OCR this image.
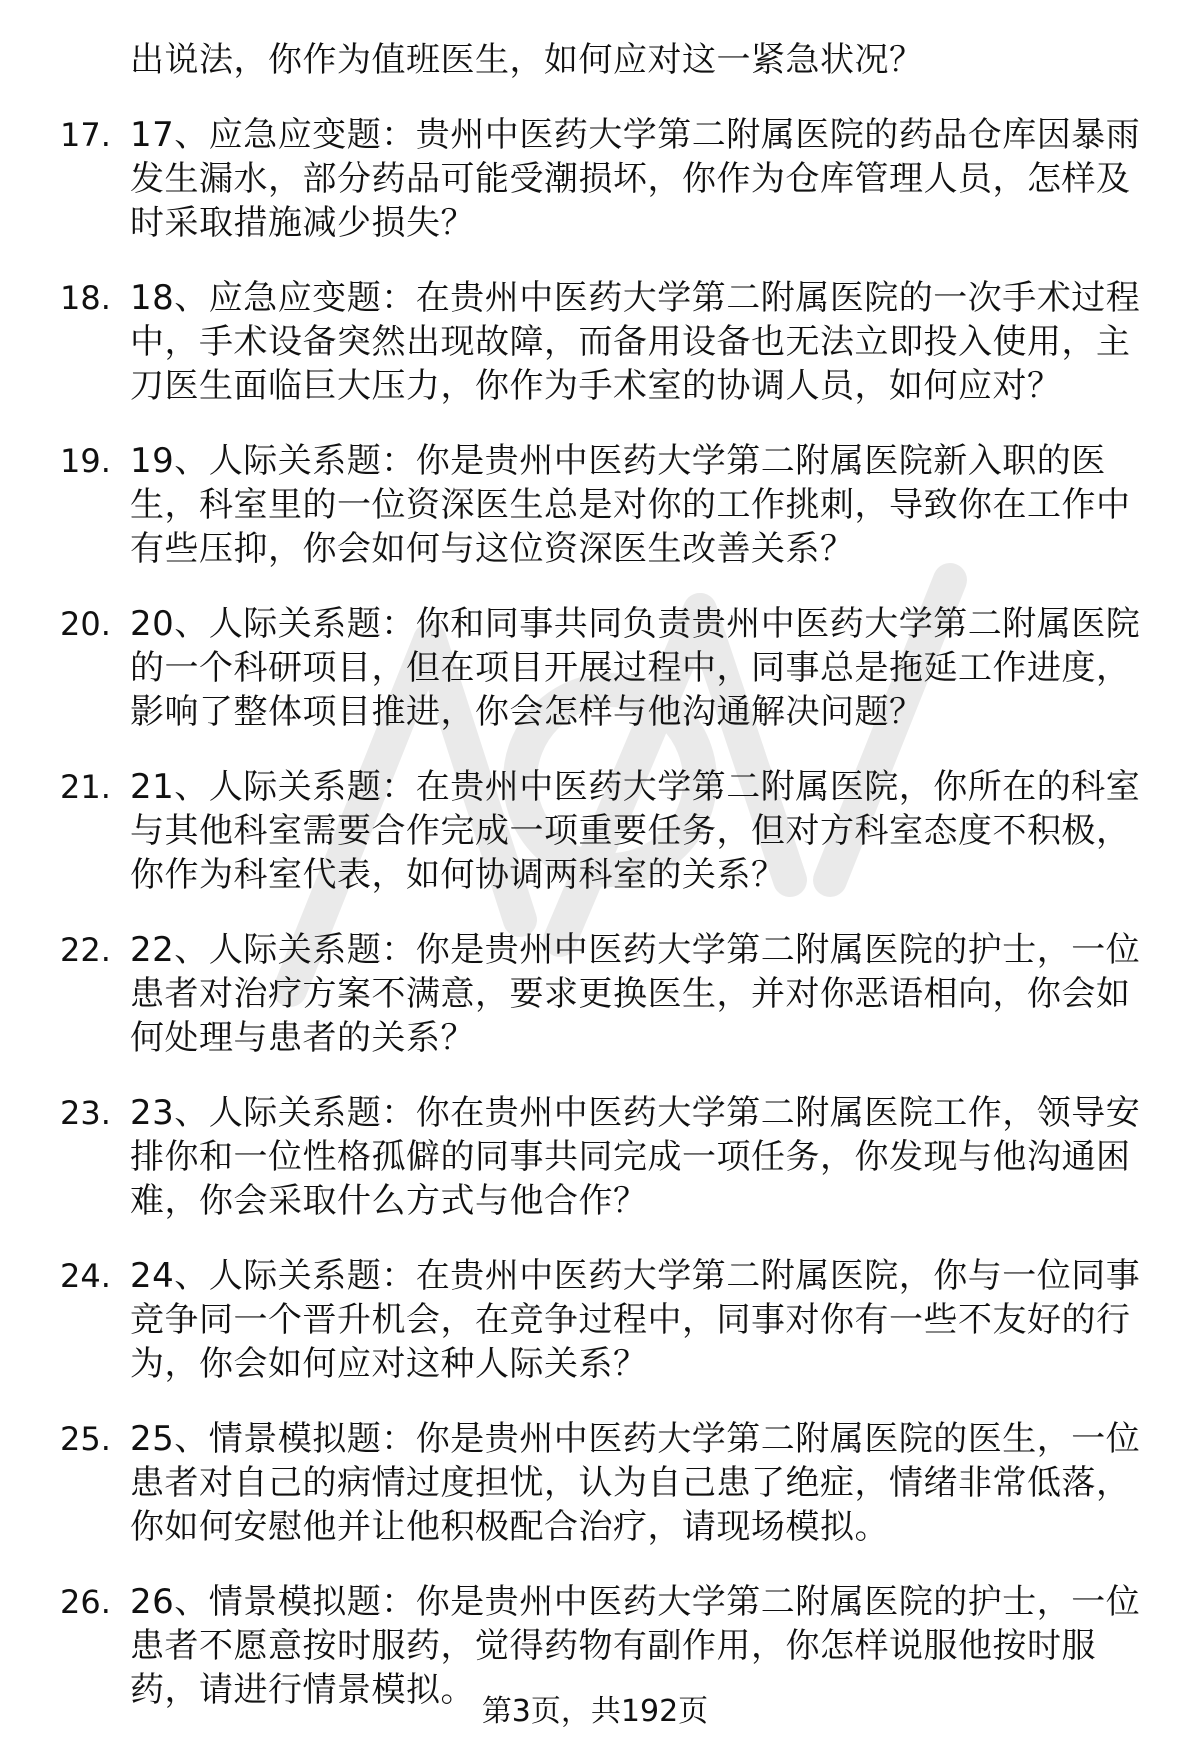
出说法，你作为值班医生，如何应对这一紧急状况？

17. 17、应急应变题：贵州中医药大学第二附属医院的药品仓库因暴雨发生漏水，部分药品可能受潮损坏，你作为仓库管理人员，怎样及时采取措施减少损失？
18. 18、应急应变题：在贵州中医药大学第二附属医院的一次手术过程中，手术设备突然出现故障，而备用设备也无法立即投入使用，主刀医生面临巨大压力，你作为手术室的协调人员，如何应对？
19. 19、人际关系题：你是贵州中医药大学第二附属医院新入职的医生，科室里的一位资深医生总是对你的工作挑刺，导致你在工作中有些压抑，你会如何与这位资深医生改善关系？
20. 20、人际关系题：你和同事共同负责贵州中医药大学第二附属医院的一个科研项目，但在项目开展过程中，同事总是拖延工作进度，影响了整体项目推进，你会怎样与他沟通解决问题？
21. 21、人际关系题：在贵州中医药大学第二附属医院，你所在的科室与其他科室需要合作完成一项重要任务，但对方科室态度不积极，你作为科室代表，如何协调两科室的关系？
22. 22、人际关系题：你是贵州中医药大学第二附属医院的护士，一位患者对治疗方案不满意，要求更换医生，并对你恶语相向，你会如何处理与患者的关系？
23. 23、人际关系题：你在贵州中医药大学第二附属医院工作，领导安排你和一位性格孤僻的同事共同完成一项任务，你发现与他沟通困难，你会采取什么方式与他合作？
24. 24、人际关系题：在贵州中医药大学第二附属医院，你与一位同事竞争同一个晋升机会，在竞争过程中，同事对你有一些不友好的行为，你会如何应对这种人际关系？
25. 25、情景模拟题：你是贵州中医药大学第二附属医院的医生，一位患者对自己的病情过度担忧，认为自己患了绝症，情绪非常低落，你如何安慰他并让他积极配合治疗，请现场模拟。
26. 26、情景模拟题：你是贵州中医药大学第二附属医院的护士，一位患者不愿意按时服药，觉得药物有副作用，你怎样说服他按时服药，请进行情景模拟。
第3页，共192页
